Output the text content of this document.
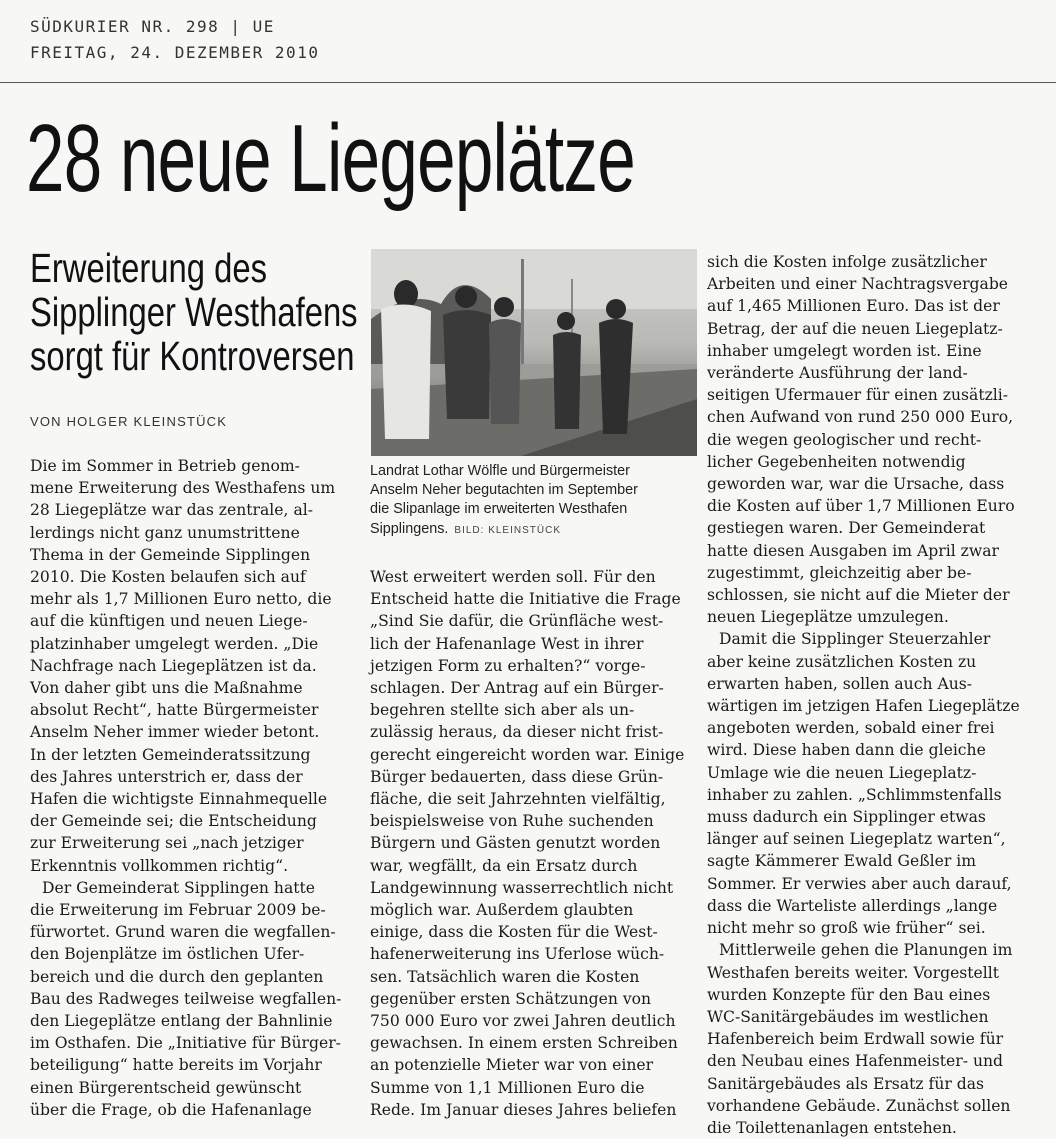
SÜDKURIER NR. 298 | UE
FREITAG, 24. DEZEMBER 2010
28 neue Liegeplätze
Erweiterung des
Sipplinger Westhafens
sorgt für Kontroversen
VON HOLGER KLEINSTÜCK

Landrat Lothar Wölfle und Bürgermeister

Anselm Neher begutachten im September

die Slipanlage im erweiterten Westhafen

Sipplingens. BILD: KLEINSTÜCK

Die im Sommer in Betrieb genom-

mene Erweiterung des Westhafens um

28 Liegeplätze war das zentrale, al-

lerdings nicht ganz unumstrittene

Thema in der Gemeinde Sipplingen

2010. Die Kosten belaufen sich auf

mehr als 1,7 Millionen Euro netto, die

auf die künftigen und neuen Liege-

platzinhaber umgelegt werden. „Die

Nachfrage nach Liegeplätzen ist da.

Von daher gibt uns die Maßnahme

absolut Recht“, hatte Bürgermeister

Anselm Neher immer wieder betont.

In der letzten Gemeinderatssitzung

des Jahres unterstrich er, dass der

Hafen die wichtigste Einnahmequelle

der Gemeinde sei; die Entscheidung

zur Erweiterung sei „nach jetziger

Erkenntnis vollkommen richtig“.

Der Gemeinderat Sipplingen hatte

die Erweiterung im Februar 2009 be-

fürwortet. Grund waren die wegfallen-

den Bojenplätze im östlichen Ufer-

bereich und die durch den geplanten

Bau des Radweges teilweise wegfallen-

den Liegeplätze entlang der Bahnlinie

im Osthafen. Die „Initiative für Bürger-

beteiligung“ hatte bereits im Vorjahr

einen Bürgerentscheid gewünscht

über die Frage, ob die Hafenanlage

West erweitert werden soll. Für den

Entscheid hatte die Initiative die Frage

„Sind Sie dafür, die Grünfläche west-

lich der Hafenanlage West in ihrer

jetzigen Form zu erhalten?“ vorge-

schlagen. Der Antrag auf ein Bürger-

begehren stellte sich aber als un-

zulässig heraus, da dieser nicht frist-

gerecht eingereicht worden war. Einige

Bürger bedauerten, dass diese Grün-

fläche, die seit Jahrzehnten vielfältig,

beispielsweise von Ruhe suchenden

Bürgern und Gästen genutzt worden

war, wegfällt, da ein Ersatz durch

Landgewinnung wasserrechtlich nicht

möglich war. Außerdem glaubten

einige, dass die Kosten für die West-

hafenerweiterung ins Uferlose wüch-

sen. Tatsächlich waren die Kosten

gegenüber ersten Schätzungen von

750 000 Euro vor zwei Jahren deutlich

gewachsen. In einem ersten Schreiben

an potenzielle Mieter war von einer

Summe von 1,1 Millionen Euro die

Rede. Im Januar dieses Jahres beliefen

sich die Kosten infolge zusätzlicher

Arbeiten und einer Nachtragsvergabe

auf 1,465 Millionen Euro. Das ist der

Betrag, der auf die neuen Liegeplatz-

inhaber umgelegt worden ist. Eine

veränderte Ausführung der land-

seitigen Ufermauer für einen zusätzli-

chen Aufwand von rund 250 000 Euro,

die wegen geologischer und recht-

licher Gegebenheiten notwendig

geworden war, war die Ursache, dass

die Kosten auf über 1,7 Millionen Euro

gestiegen waren. Der Gemeinderat

hatte diesen Ausgaben im April zwar

zugestimmt, gleichzeitig aber be-

schlossen, sie nicht auf die Mieter der

neuen Liegeplätze umzulegen.

Damit die Sipplinger Steuerzahler

aber keine zusätzlichen Kosten zu

erwarten haben, sollen auch Aus-

wärtigen im jetzigen Hafen Liegeplätze

angeboten werden, sobald einer frei

wird. Diese haben dann die gleiche

Umlage wie die neuen Liegeplatz-

inhaber zu zahlen. „Schlimmstenfalls

muss dadurch ein Sipplinger etwas

länger auf seinen Liegeplatz warten“,

sagte Kämmerer Ewald Geßler im

Sommer. Er verwies aber auch darauf,

dass die Warteliste allerdings „lange

nicht mehr so groß wie früher“ sei.

Mittlerweile gehen die Planungen im

Westhafen bereits weiter. Vorgestellt

wurden Konzepte für den Bau eines

WC-Sanitärgebäudes im westlichen

Hafenbereich beim Erdwall sowie für

den Neubau eines Hafenmeister- und

Sanitärgebäudes als Ersatz für das

vorhandene Gebäude. Zunächst sollen

die Toilettenanlagen entstehen.
